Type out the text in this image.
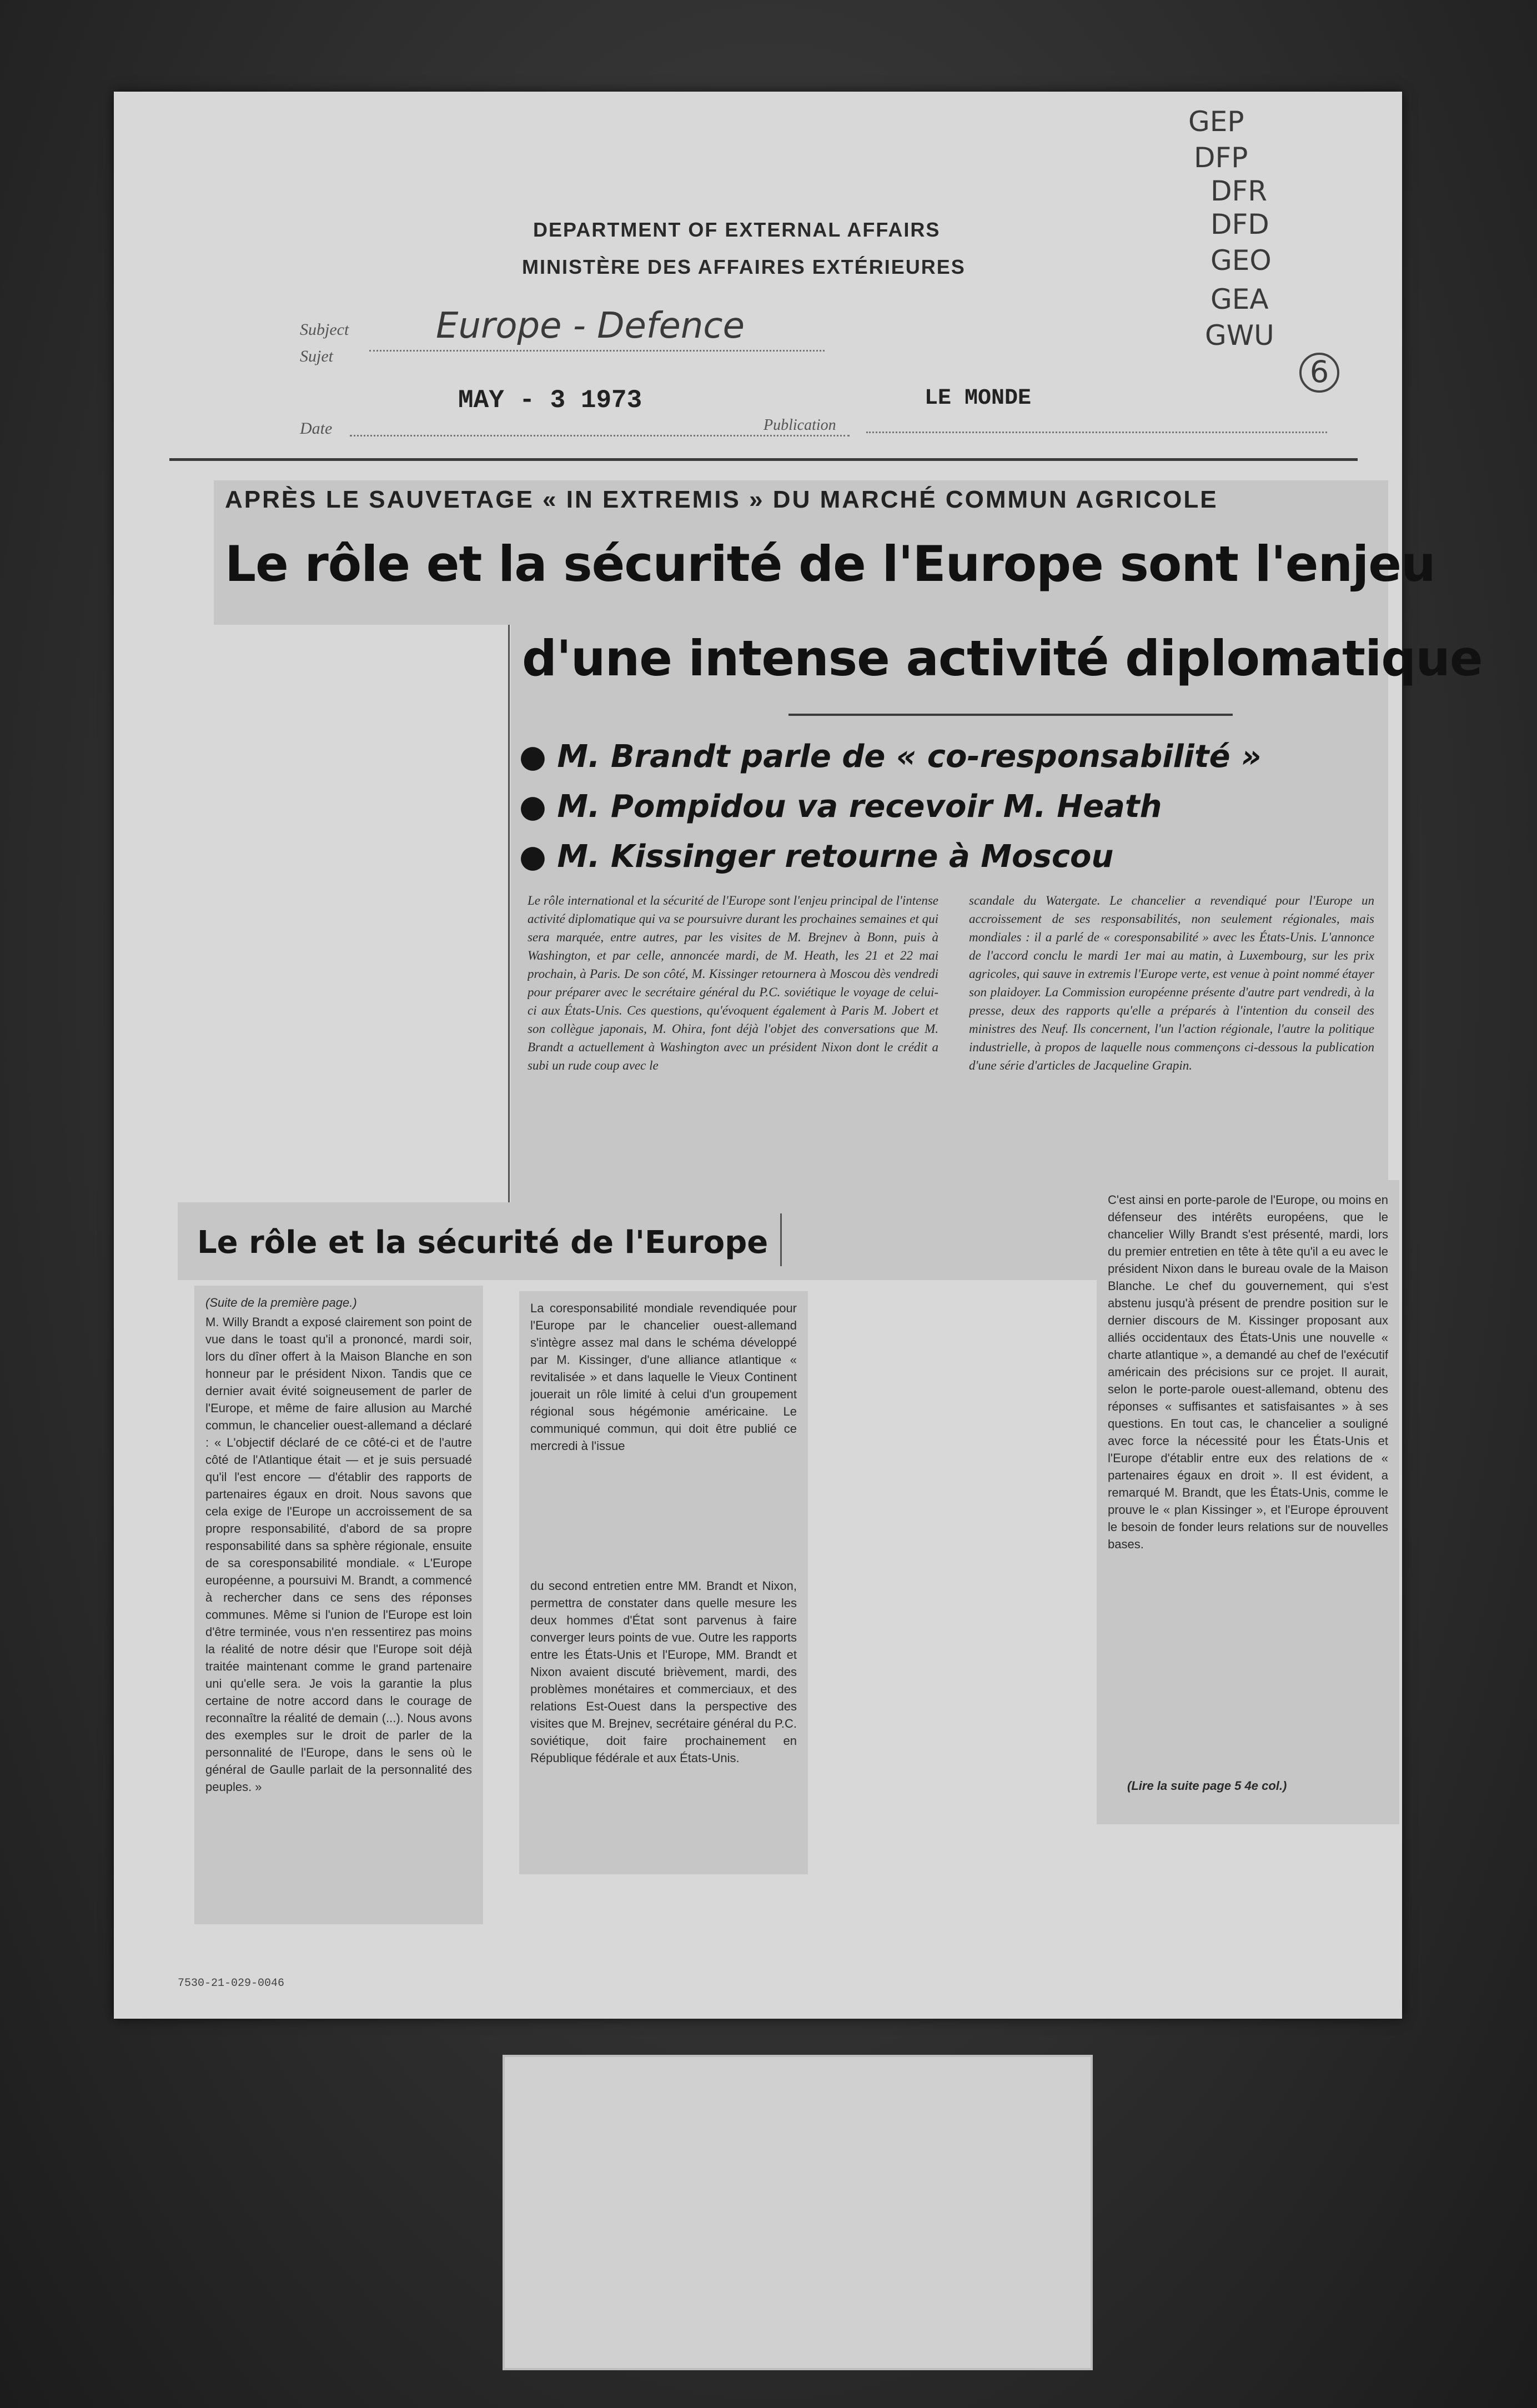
DEPARTMENT OF EXTERNAL AFFAIRS
MINISTÈRE DES AFFAIRES EXTÉRIEURES
Subject
Sujet
Europe - Defence
MAY - 3 1973	LE MONDE
Date	Publication
GEP
DFP
DFR
DFD
GEO
GEA
GWU
6
APRÈS LE SAUVETAGE « IN EXTREMIS » DU MARCHÉ COMMUN AGRICOLE
Le rôle et la sécurité de l'Europe sont l'enjeu
d'une intense activité diplomatique
● M. Brandt parle de « co-responsabilité »
● M. Pompidou va recevoir M. Heath
● M. Kissinger retourne à Moscou
Le rôle international et la sécurité de l'Europe sont l'enjeu principal de l'intense activité diplomatique qui va se poursuivre durant les prochaines semaines et qui sera marquée, entre autres, par les visites de M. Brejnev à Bonn, puis à Washington, et par celle, annoncée mardi, de M. Heath, les 21 et 22 mai prochain, à Paris. De son côté, M. Kissinger retournera à Moscou dès vendredi pour préparer avec le secrétaire général du P.C. soviétique le voyage de celui-ci aux États-Unis. Ces questions, qu'évoquent également à Paris M. Jobert et son collègue japonais, M. Ohira, font déjà l'objet des conversations que M. Brandt a actuellement à Washington avec un président Nixon dont le crédit a subi un rude coup avec le
scandale du Watergate. Le chancelier a revendiqué pour l'Europe un accroissement de ses responsabilités, non seulement régionales, mais mondiales : il a parlé de « coresponsabilité » avec les États-Unis. L'annonce de l'accord conclu le mardi 1er mai au matin, à Luxembourg, sur les prix agricoles, qui sauve in extremis l'Europe verte, est venue à point nommé étayer son plaidoyer. La Commission européenne présente d'autre part vendredi, à la presse, deux des rapports qu'elle a préparés à l'intention du conseil des ministres des Neuf. Ils concernent, l'un l'action régionale, l'autre la politique industrielle, à propos de laquelle nous commençons ci-dessous la publication d'une série d'articles de Jacqueline Grapin.
Le rôle et la sécurité de l'Europe
(Suite de la première page.)
M. Willy Brandt a exposé clairement son point de vue dans le toast qu'il a prononcé, mardi soir, lors du dîner offert à la Maison Blanche en son honneur par le président Nixon. Tandis que ce dernier avait évité soigneusement de parler de l'Europe, et même de faire allusion au Marché commun, le chancelier ouest-allemand a déclaré : « L'objectif déclaré de ce côté-ci et de l'autre côté de l'Atlantique était — et je suis persuadé qu'il l'est encore — d'établir des rapports de partenaires égaux en droit. Nous savons que cela exige de l'Europe un accroissement de sa propre responsabilité, d'abord de sa propre responsabilité dans sa sphère régionale, ensuite de sa coresponsabilité mondiale. « L'Europe européenne, a poursuivi M. Brandt, a commencé à rechercher dans ce sens des réponses communes. Même si l'union de l'Europe est loin d'être terminée, vous n'en ressentirez pas moins la réalité de notre désir que l'Europe soit déjà traitée maintenant comme le grand partenaire uni qu'elle sera. Je vois la garantie la plus certaine de notre accord dans le courage de reconnaître la réalité de demain (...). Nous avons des exemples sur le droit de parler de la personnalité de l'Europe, dans le sens où le général de Gaulle parlait de la personnalité des peuples. »
La coresponsabilité mondiale revendiquée pour l'Europe par le chancelier ouest-allemand s'intègre assez mal dans le schéma développé par M. Kissinger, d'une alliance atlantique « revitalisée » et dans laquelle le Vieux Continent jouerait un rôle limité à celui d'un groupement régional sous hégémonie américaine. Le communiqué commun, qui doit être publié ce mercredi à l'issue
du second entretien entre MM. Brandt et Nixon, permettra de constater dans quelle mesure les deux hommes d'État sont parvenus à faire converger leurs points de vue. Outre les rapports entre les États-Unis et l'Europe, MM. Brandt et Nixon avaient discuté brièvement, mardi, des problèmes monétaires et commerciaux, et des relations Est-Ouest dans la perspective des visites que M. Brejnev, secrétaire général du P.C. soviétique, doit faire prochainement en République fédérale et aux États-Unis.
C'est ainsi en porte-parole de l'Europe, ou moins en défenseur des intérêts européens, que le chancelier Willy Brandt s'est présenté, mardi, lors du premier entretien en tête à tête qu'il a eu avec le président Nixon dans le bureau ovale de la Maison Blanche. Le chef du gouvernement, qui s'est abstenu jusqu'à présent de prendre position sur le dernier discours de M. Kissinger proposant aux alliés occidentaux des États-Unis une nouvelle « charte atlantique », a demandé au chef de l'exécutif américain des précisions sur ce projet. Il aurait, selon le porte-parole ouest-allemand, obtenu des réponses « suffisantes et satisfaisantes » à ses questions. En tout cas, le chancelier a souligné avec force la nécessité pour les États-Unis et l'Europe d'établir entre eux des relations de « partenaires égaux en droit ». Il est évident, a remarqué M. Brandt, que les États-Unis, comme le prouve le « plan Kissinger », et l'Europe éprouvent le besoin de fonder leurs relations sur de nouvelles bases.
(Lire la suite page 5 4e col.)
7530-21-029-0046
